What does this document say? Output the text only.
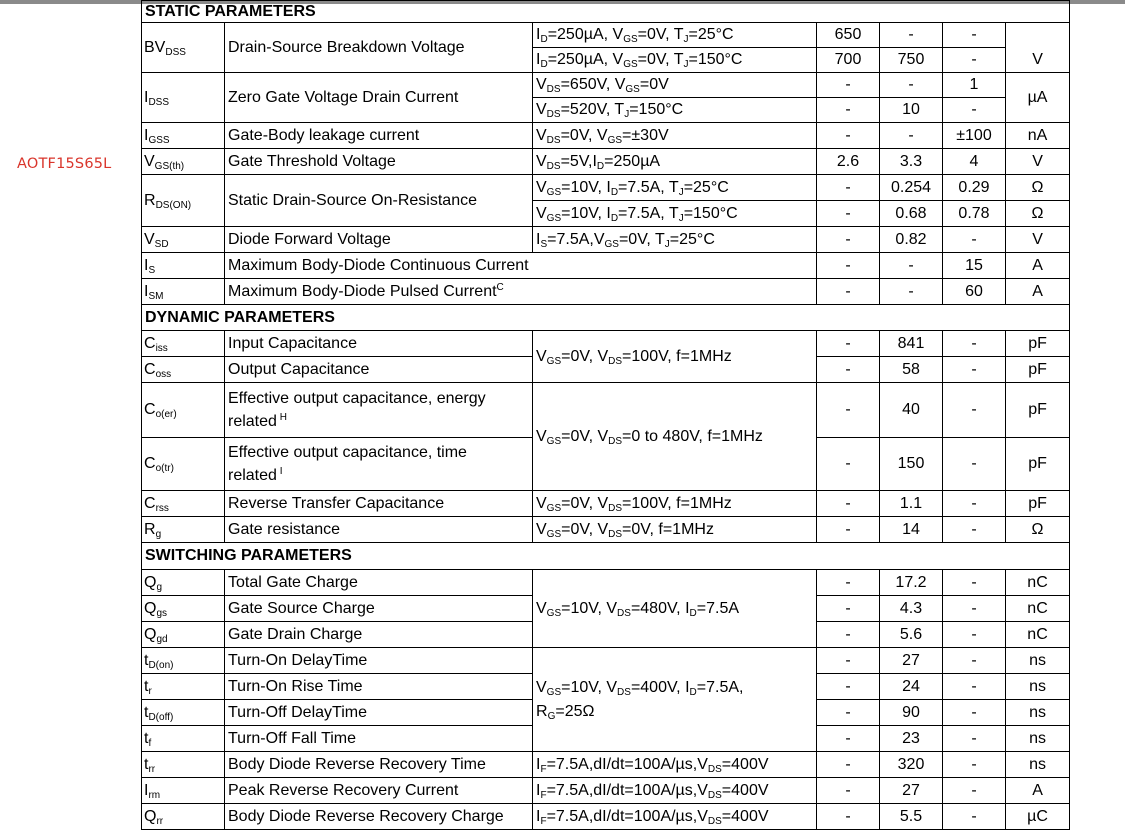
AOTF15S65L
STATIC PARAMETERS						
$BV_{DSS}$	Drain-Source Breakdown Voltage	$I_D=250\mu A$, $V_{GS}=0V$, $T_J=25^\circ C$	650	-	-	V
		$I_D=250\mu A$, $V_{GS}=0V$, $T_J=150^\circ C$	700	750	-	
$I_{DSS}$	Zero Gate Voltage Drain Current	$V_{DS}=650V$, $V_{GS}=0V$	-	-	1	µA
		$V_{DS}=520V$, $T_J=150^\circ C$	-	10	-	
$I_{GSS}$	Gate-Body leakage current	$V_{DS}=0V$, $V_{GS}=\pm 30V$	-	-	±100	nA
$V_{GS(th)}$	Gate Threshold Voltage	$V_{DS}=5V,I_D=250\mu A$	2.6	3.3	4	V
$R_{DS(ON)}$	Static Drain-Source On-Resistance	$V_{GS}=10V$, $I_D=7.5A$, $T_J=25^\circ C$	-	0.254	0.29	Ω
		$V_{GS}=10V$, $I_D=7.5A$, $T_J=150^\circ C$	-	0.68	0.78	Ω
$V_{SD}$	Diode Forward Voltage	$I_S=7.5A,V_{GS}=0V$, $T_J=25^\circ C$	-	0.82	-	V
$I_S$	Maximum Body-Diode Continuous Current		-	-	15	A
$I_{SM}$	Maximum Body-Diode Pulsed Current$^C$		-	-	60	A
DYNAMIC PARAMETERS						
$C_{iss}$	Input Capacitance	$V_{GS}=0V$, $V_{DS}=100V$, f=1MHz	-	841	-	pF
$C_{oss}$	Output Capacitance		-	58	-	pF
$C_{o(er)}$	Effective output capacitance, energy
related $^H$	$V_{GS}=0V$, $V_{DS}=0$ to 480V, f=1MHz	-	40	-	pF
$C_{o(tr)}$	Effective output capacitance, time
related $^I$		-	150	-	pF
$C_{rss}$	Reverse Transfer Capacitance	$V_{GS}=0V$, $V_{DS}=100V$, f=1MHz	-	1.1	-	pF
$R_g$	Gate resistance	$V_{GS}=0V$, $V_{DS}=0V$, f=1MHz	-	14	-	Ω
SWITCHING PARAMETERS						
$Q_g$	Total Gate Charge	$V_{GS}=10V$, $V_{DS}=480V$, $I_D=7.5A$	-	17.2	-	nC
$Q_{gs}$	Gate Source Charge		-	4.3	-	nC
$Q_{gd}$	Gate Drain Charge		-	5.6	-	nC
$t_{D(on)}$	Turn-On DelayTime	$V_{GS}=10V$, $V_{DS}=400V$, $I_D=7.5A$,
$R_G=25\Omega$	-	27	-	ns
$t_r$	Turn-On Rise Time		-	24	-	ns
$t_{D(off)}$	Turn-Off DelayTime		-	90	-	ns
$t_f$	Turn-Off Fall Time		-	23	-	ns
$t_{rr}$	Body Diode Reverse Recovery Time	$I_F=7.5A,dI/dt=100A/\mu s,V_{DS}=400V$	-	320	-	ns
$I_{rm}$	Peak Reverse Recovery Current	$I_F=7.5A,dI/dt=100A/\mu s,V_{DS}=400V$	-	27	-	A
$Q_{rr}$	Body Diode Reverse Recovery Charge	$I_F=7.5A,dI/dt=100A/\mu s,V_{DS}=400V$	-	5.5	-	µC
